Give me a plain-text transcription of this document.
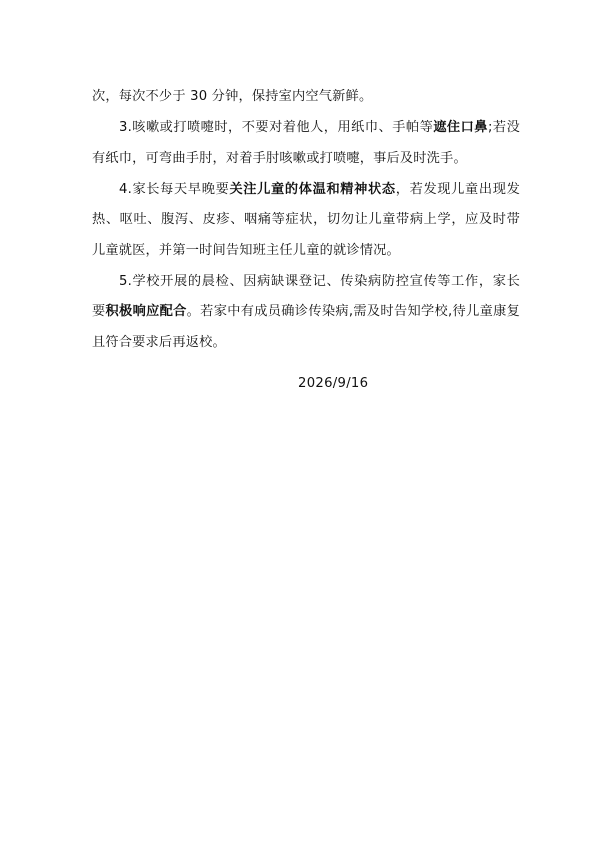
次，每次不少于 30 分钟，保持室内空气新鲜。

3.咳嗽或打喷嚏时，不要对着他人，用纸巾、手帕等遮住口鼻;若没有纸巾，可弯曲手肘，对着手肘咳嗽或打喷嚏，事后及时洗手。

4.家长每天早晚要关注儿童的体温和精神状态，若发现儿童出现发热、呕吐、腹泻、皮疹、咽痛等症状，切勿让儿童带病上学，应及时带儿童就医，并第一时间告知班主任儿童的就诊情况。

5.学校开展的晨检、因病缺课登记、传染病防控宣传等工作，家长要积极响应配合。若家中有成员确诊传染病,需及时告知学校,待儿童康复且符合要求后再返校。

2026/9/16
